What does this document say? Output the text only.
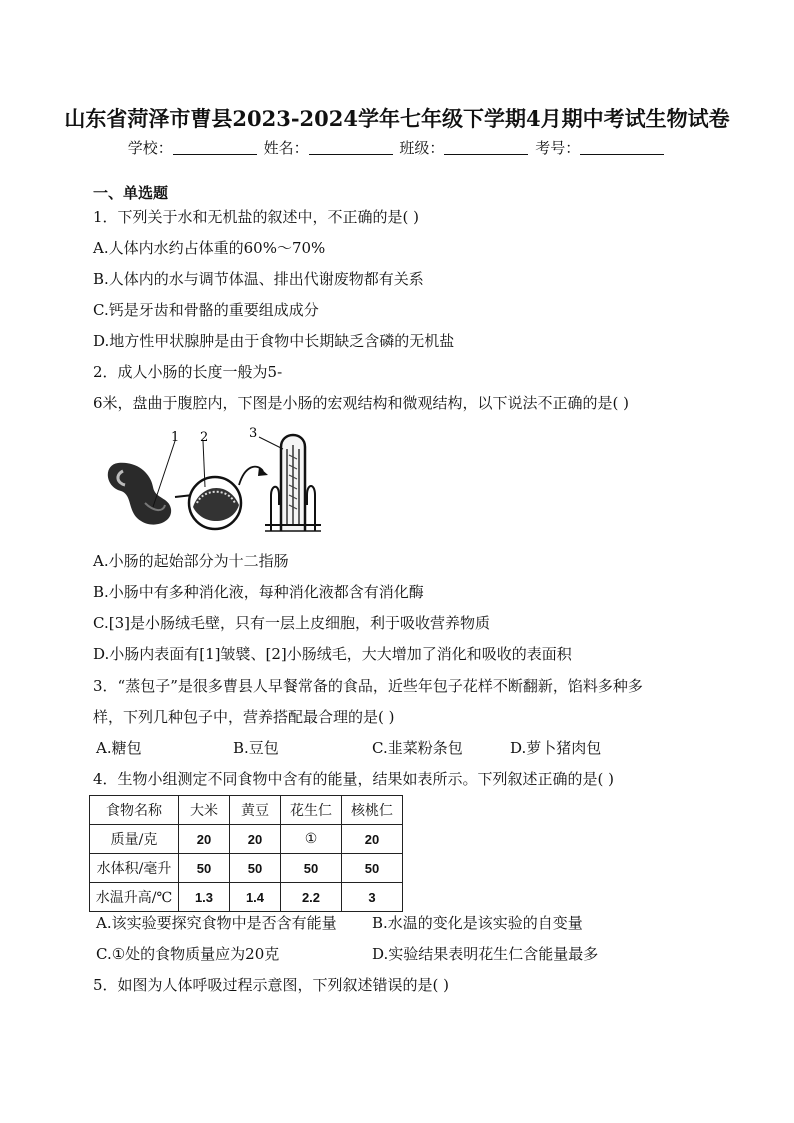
山东省菏泽市曹县2023-2024学年七年级下学期4月期中考试生物试卷
学校：	姓名：	班级：	考号：
一、单选题
1．下列关于水和无机盐的叙述中，不正确的是( )
A.人体内水约占体重的60%～70%
B.人体内的水与调节体温、排出代谢废物都有关系
C.钙是牙齿和骨骼的重要组成成分
D.地方性甲状腺肿是由于食物中长期缺乏含磷的无机盐
2．成人小肠的长度一般为5-
6米，盘曲于腹腔内，下图是小肠的宏观结构和微观结构，以下说法不正确的是( )
1 2	3
A.小肠的起始部分为十二指肠
B.小肠中有多种消化液，每种消化液都含有消化酶
C.[3]是小肠绒毛壁，只有一层上皮细胞，利于吸收营养物质
D.小肠内表面有[1]皱襞、[2]小肠绒毛，大大增加了消化和吸收的表面积
3．“蒸包子”是很多曹县人早餐常备的食品，近些年包子花样不断翻新，馅料多种多
样，下列几种包子中，营养搭配最合理的是( )
A.糖包	B.豆包	C.韭菜粉条包	D.萝卜猪肉包
4．生物小组测定不同食物中含有的能量，结果如表所示。下列叙述正确的是( )
食物名称	大米	黄豆	花生仁	核桃仁
质量/克	20	20	①	20
水体积/毫升	50	50	50	50
水温升高/℃	1.3	1.4	2.2	3
A.该实验要探究食物中是否含有能量 B.水温的变化是该实验的自变量
C.①处的食物质量应为20克	D.实验结果表明花生仁含能量最多
5．如图为人体呼吸过程示意图，下列叙述错误的是( )
